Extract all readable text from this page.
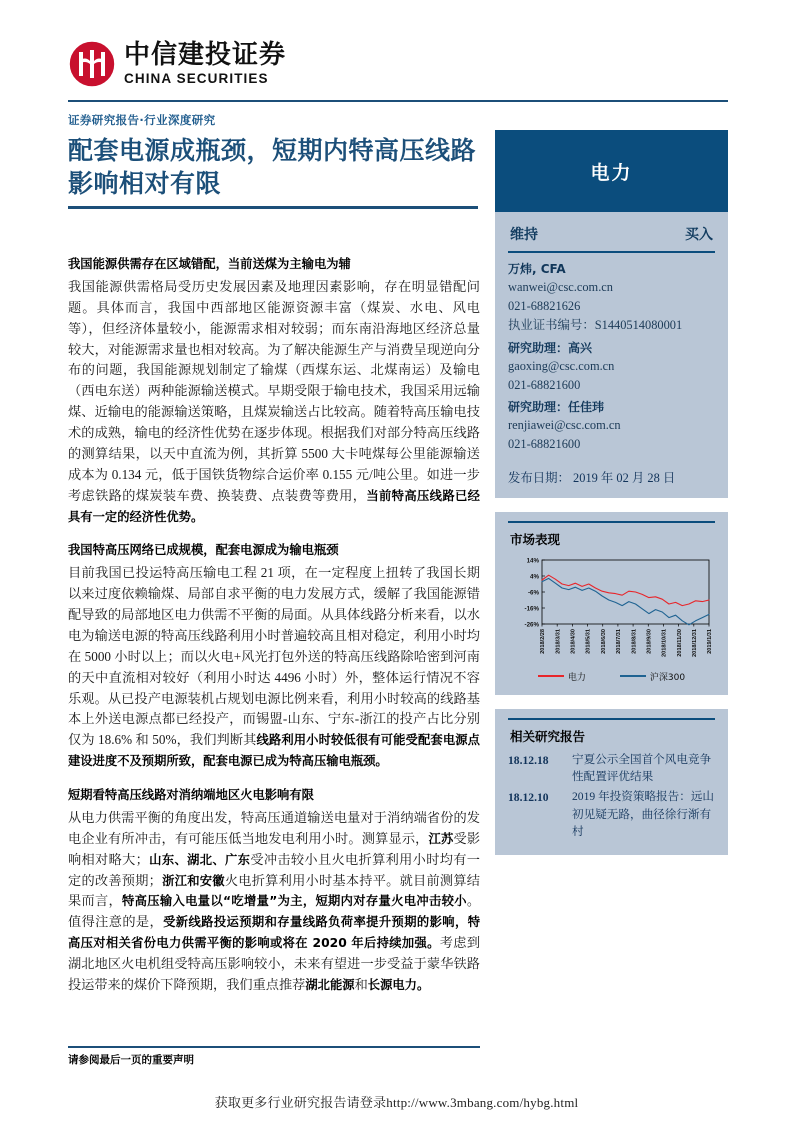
中信建投证券
CHINA SECURITIES
证券研究报告·行业深度研究
配套电源成瓶颈，短期内特高压线路影响相对有限
我国能源供需存在区域错配，当前送煤为主输电为辅
我国能源供需格局受历史发展因素及地理因素影响，存在明显错配问题。具体而言，我国中西部地区能源资源丰富（煤炭、水电、风电等），但经济体量较小，能源需求相对较弱；而东南沿海地区经济总量较大，对能源需求量也相对较高。为了解决能源生产与消费呈现逆向分布的问题，我国能源规划制定了输煤（西煤东运、北煤南运）及输电（西电东送）两种能源输送模式。早期受限于输电技术，我国采用远输煤、近输电的能源输送策略，且煤炭输送占比较高。随着特高压输电技术的成熟，输电的经济性优势在逐步体现。根据我们对部分特高压线路的测算结果，以天中直流为例，其折算 5500 大卡吨煤每公里能源输送成本为 0.134 元，低于国铁货物综合运价率 0.155 元/吨公里。如进一步考虑铁路的煤炭装车费、换装费、点装费等费用，当前特高压线路已经具有一定的经济性优势。
我国特高压网络已成规模，配套电源成为输电瓶颈
目前我国已投运特高压输电工程 21 项，在一定程度上扭转了我国长期以来过度依赖输煤、局部自求平衡的电力发展方式，缓解了我国能源错配导致的局部地区电力供需不平衡的局面。从具体线路分析来看，以水电为输送电源的特高压线路利用小时普遍较高且相对稳定，利用小时均在 5000 小时以上；而以火电+风光打包外送的特高压线路除哈密到河南的天中直流相对较好（利用小时达 4496 小时）外，整体运行情况不容乐观。从已投产电源装机占规划电源比例来看，利用小时较高的线路基本上外送电源点都已经投产，而锡盟-山东、宁东-浙江的投产占比分别仅为 18.6% 和 50%，我们判断其线路利用小时较低很有可能受配套电源点建设进度不及预期所致，配套电源已成为特高压输电瓶颈。
短期看特高压线路对消纳端地区火电影响有限
从电力供需平衡的角度出发，特高压通道输送电量对于消纳端省份的发电企业有所冲击，有可能压低当地发电利用小时。测算显示，江苏受影响相对略大；山东、湖北、广东受冲击较小且火电折算利用小时均有一定的改善预期；浙江和安徽火电折算利用小时基本持平。就目前测算结果而言，特高压输入电量以“吃增量”为主，短期内对存量火电冲击较小。值得注意的是，受新线路投运预期和存量线路负荷率提升预期的影响，特高压对相关省份电力供需平衡的影响或将在 2020 年后持续加强。考虑到湖北地区火电机组受特高压影响较小，未来有望进一步受益于蒙华铁路投运带来的煤价下降预期，我们重点推荐湖北能源和长源电力。
请参阅最后一页的重要声明
获取更多行业研究报告请登录http://www.3mbang.com/hybg.html
电力
维持	买入
万炜, CFA
wanwei@csc.com.cn
021-68821626
执业证书编号：S1440514080001
研究助理：高兴
gaoxing@csc.com.cn
021-68821600
研究助理：任佳玮
renjiawei@csc.com.cn
021-68821600
发布日期： 2019 年 02 月 28 日
市场表现
14%
4%
-6%
-16%
-26%
2018/2/28 2018/3/31 2018/4/30 2018/5/31 2018/6/30 2018/7/31 2018/8/31 2018/9/30 2018/10/31 2018/11/30 2018/12/31 2019/1/31
电力	沪深300
相关研究报告
18.12.18	宁夏公示全国首个风电竞争性配置评优结果
18.12.10	2019 年投资策略报告：远山初见疑无路，曲径徐行渐有村
